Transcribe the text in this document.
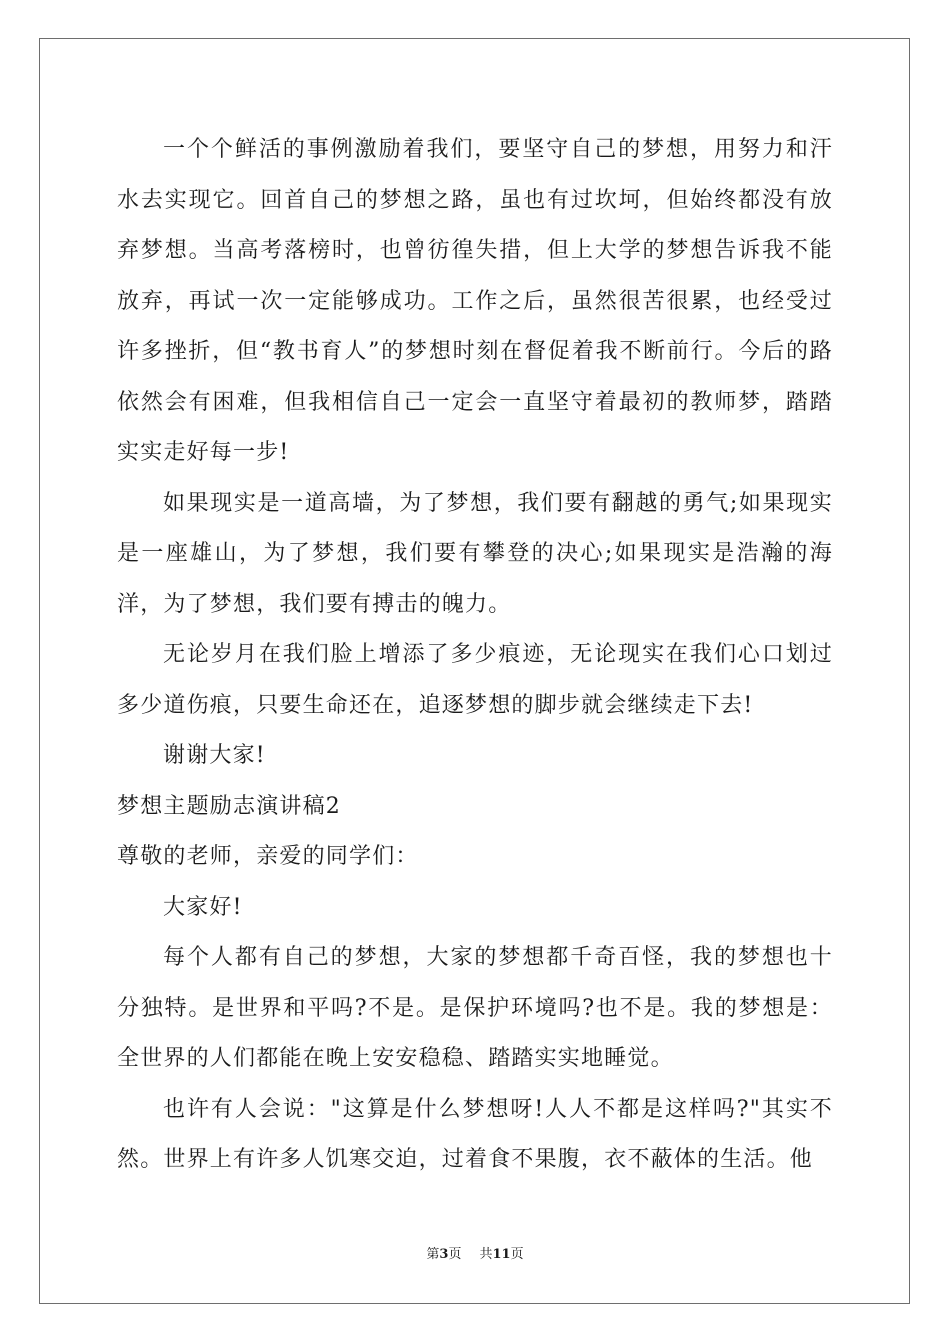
一个个鲜活的事例激励着我们，要坚守自己的梦想，用努力和汗水去实现它。回首自己的梦想之路，虽也有过坎坷，但始终都没有放弃梦想。当高考落榜时，也曾彷徨失措，但上大学的梦想告诉我不能放弃，再试一次一定能够成功。工作之后，虽然很苦很累，也经受过许多挫折，但“教书育人”的梦想时刻在督促着我不断前行。今后的路依然会有困难，但我相信自己一定会一直坚守着最初的教师梦，踏踏实实走好每一步!

如果现实是一道高墙，为了梦想，我们要有翻越的勇气;如果现实是一座雄山，为了梦想，我们要有攀登的决心;如果现实是浩瀚的海洋，为了梦想，我们要有搏击的魄力。

无论岁月在我们脸上增添了多少痕迹，无论现实在我们心口划过多少道伤痕，只要生命还在，追逐梦想的脚步就会继续走下去!

谢谢大家!

梦想主题励志演讲稿2

尊敬的老师，亲爱的同学们：

大家好!

每个人都有自己的梦想，大家的梦想都千奇百怪，我的梦想也十分独特。是世界和平吗?不是。是保护环境吗?也不是。我的梦想是：全世界的人们都能在晚上安安稳稳、踏踏实实地睡觉。

也许有人会说："这算是什么梦想呀!人人不都是这样吗?"其实不然。世界上有许多人饥寒交迫，过着食不果腹，衣不蔽体的生活。他

第3页 共11页
